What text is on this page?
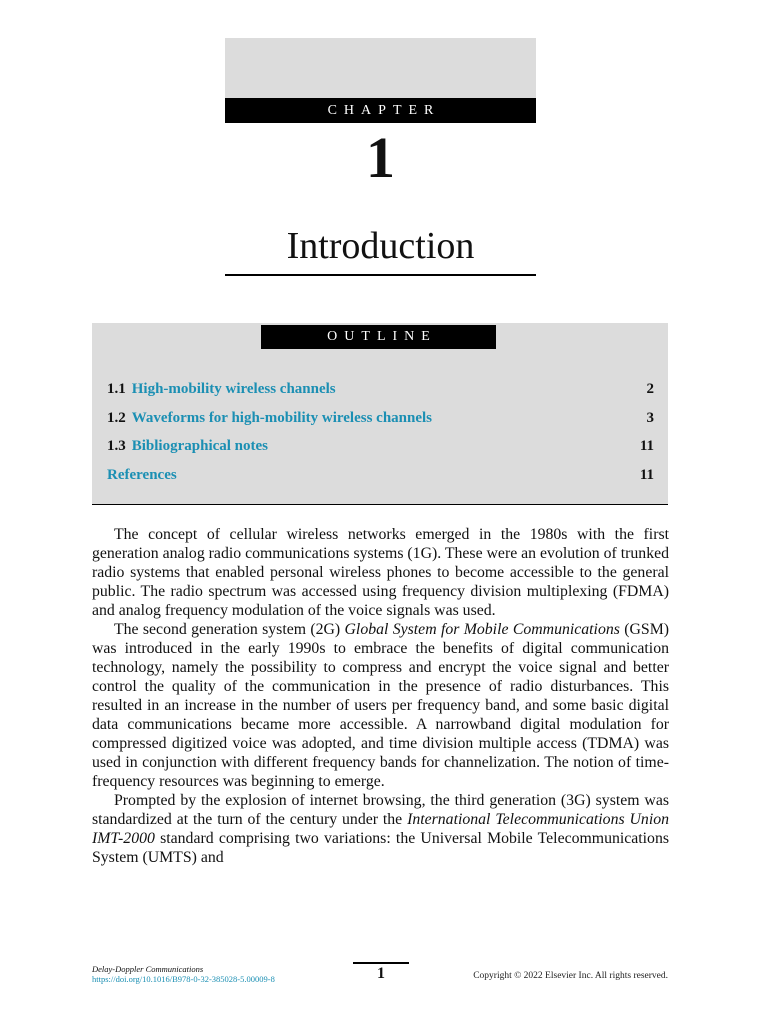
CHAPTER
1
Introduction
OUTLINE
1.1 High-mobility wireless channels	2
1.2 Waveforms for high-mobility wireless channels	3
1.3 Bibliographical notes	11
References	11

The concept of cellular wireless networks emerged in the 1980s with the first generation analog radio communications systems (1G). These were an evolution of trunked radio systems that enabled personal wireless phones to become accessible to the general public. The radio spectrum was accessed using frequency division multiplexing (FDMA) and analog frequency modulation of the voice signals was used.

The second generation system (2G) Global System for Mobile Communications (GSM) was introduced in the early 1990s to embrace the benefits of digital communication technology, namely the possibility to compress and encrypt the voice signal and better control the quality of the communication in the presence of radio disturbances. This resulted in an increase in the number of users per frequency band, and some basic digital data communications became more accessible. A narrowband digital modulation for compressed digitized voice was adopted, and time division multiple access (TDMA) was used in conjunction with different frequency bands for channelization. The notion of time-frequency resources was beginning to emerge.

Prompted by the explosion of internet browsing, the third generation (3G) system was standardized at the turn of the century under the International Telecommunications Union IMT-2000 standard comprising two variations: the Universal Mobile Telecommunications System (UMTS) and

Delay-Doppler Communications
https://doi.org/10.1016/B978-0-32-385028-5.00009-8	1	Copyright © 2022 Elsevier Inc. All rights reserved.
